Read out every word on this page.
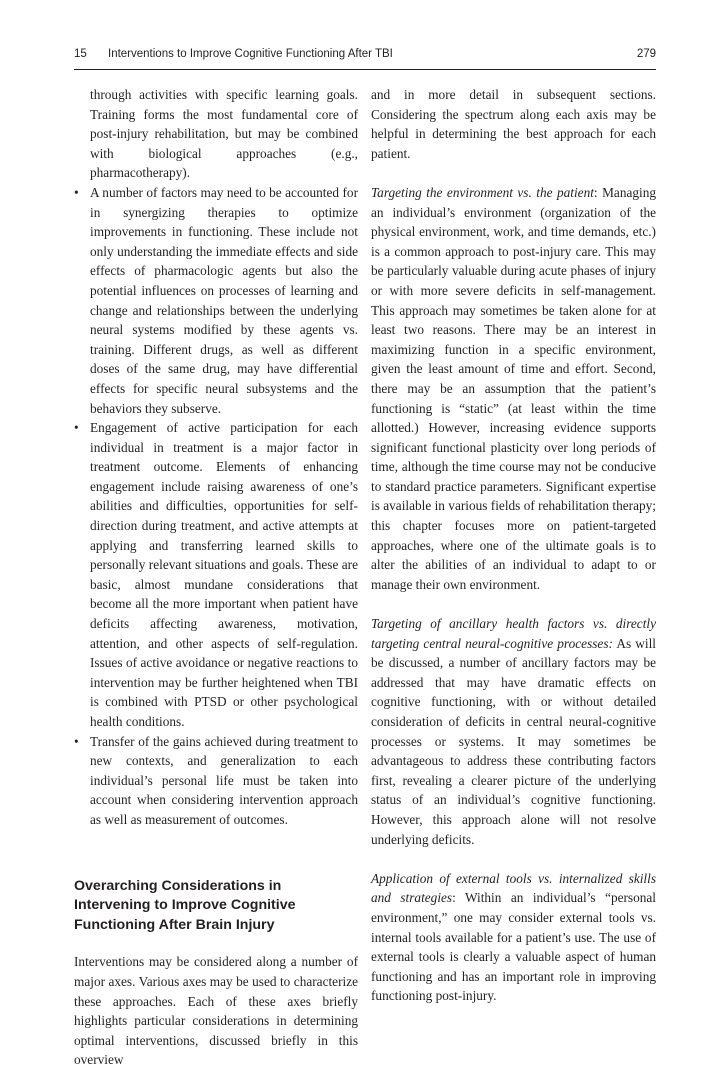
15 Interventions to Improve Cognitive Functioning After TBI	279

through activities with specific learning goals. Training forms the most fundamental core of post-injury rehabilitation, but may be combined with biological approaches (e.g., pharmacotherapy).

• A number of factors may need to be accounted for in synergizing therapies to optimize improvements in functioning. These include not only understanding the immediate effects and side effects of pharmacologic agents but also the potential influences on processes of learning and change and relationships between the underlying neural systems modified by these agents vs. training. Different drugs, as well as different doses of the same drug, may have differential effects for specific neural subsystems and the behaviors they subserve.
• Engagement of active participation for each individual in treatment is a major factor in treatment outcome. Elements of enhancing engagement include raising awareness of one’s abilities and difficulties, opportunities for self-direction during treatment, and active attempts at applying and transferring learned skills to personally relevant situations and goals. These are basic, almost mundane considerations that become all the more important when patient have deficits affecting awareness, motivation, attention, and other aspects of self-regulation. Issues of active avoidance or negative reactions to intervention may be further heightened when TBI is combined with PTSD or other psychological health conditions.
• Transfer of the gains achieved during treatment to new contexts, and generalization to each individual’s personal life must be taken into account when considering intervention approach as well as measurement of outcomes.
Overarching Considerations in Intervening to Improve Cognitive Functioning After Brain Injury

Interventions may be considered along a number of major axes. Various axes may be used to characterize these approaches. Each of these axes briefly highlights particular considerations in determining optimal interventions, discussed briefly in this overview

and in more detail in subsequent sections. Considering the spectrum along each axis may be helpful in determining the best approach for each patient.

Targeting the environment vs. the patient: Managing an individual’s environment (organization of the physical environment, work, and time demands, etc.) is a common approach to post-injury care. This may be particularly valuable during acute phases of injury or with more severe deficits in self-management. This approach may sometimes be taken alone for at least two reasons. There may be an interest in maximizing function in a specific environment, given the least amount of time and effort. Second, there may be an assumption that the patient’s functioning is “static” (at least within the time allotted.) However, increasing evidence supports significant functional plasticity over long periods of time, although the time course may not be conducive to standard practice parameters. Significant expertise is available in various fields of rehabilitation therapy; this chapter focuses more on patient-targeted approaches, where one of the ultimate goals is to alter the abilities of an individual to adapt to or manage their own environment.

Targeting of ancillary health factors vs. directly targeting central neural-cognitive processes: As will be discussed, a number of ancillary factors may be addressed that may have dramatic effects on cognitive functioning, with or without detailed consideration of deficits in central neural-cognitive processes or systems. It may sometimes be advantageous to address these contributing factors first, revealing a clearer picture of the underlying status of an individual’s cognitive functioning. However, this approach alone will not resolve underlying deficits.

Application of external tools vs. internalized skills and strategies: Within an individual’s “personal environment,” one may consider external tools vs. internal tools available for a patient’s use. The use of external tools is clearly a valuable aspect of human functioning and has an important role in improving functioning post-injury.
